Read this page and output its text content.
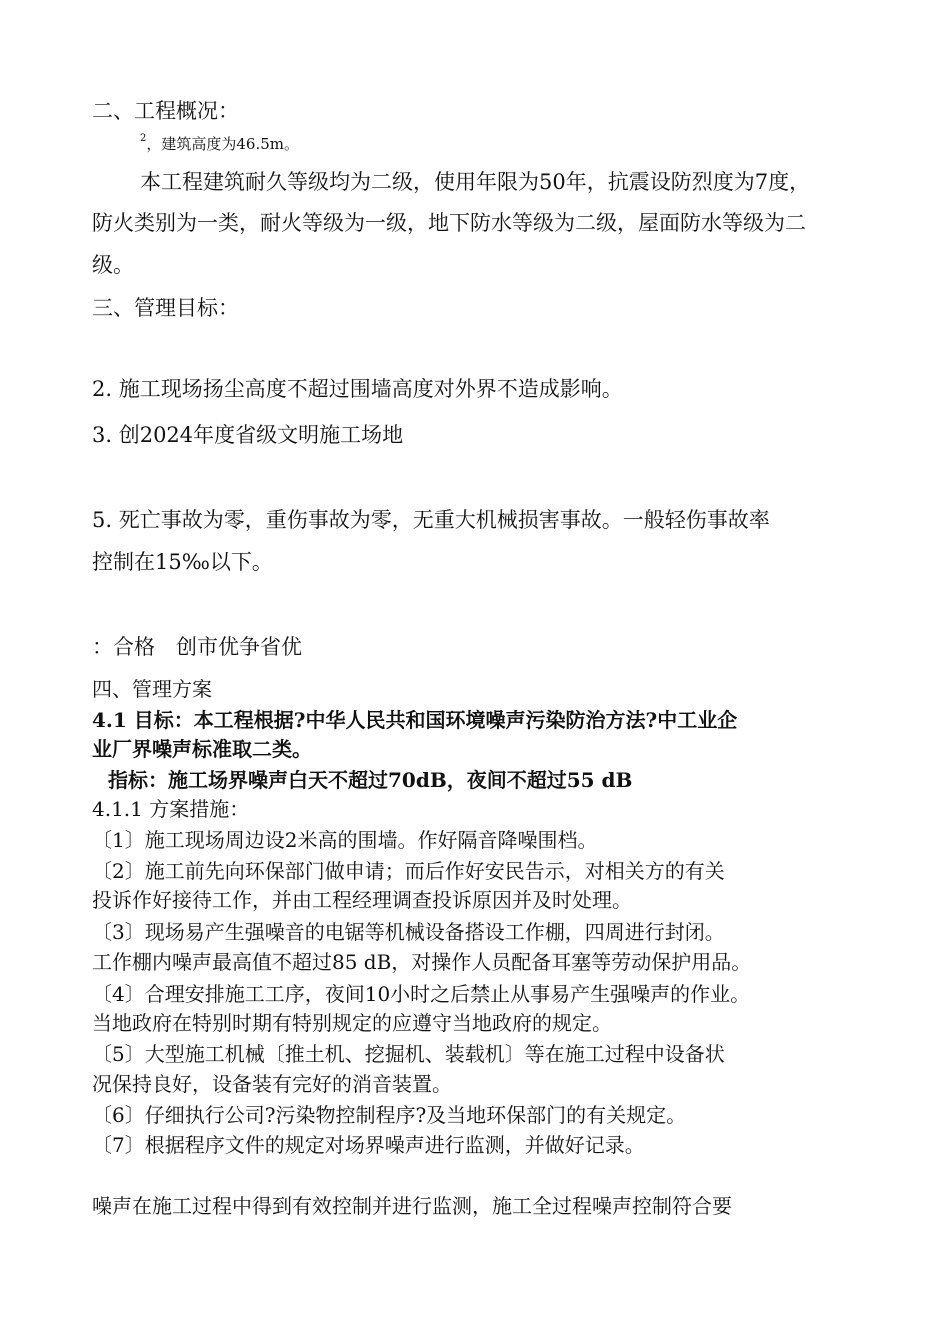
二、工程概况：
$^2$，建筑高度为46.5m。
本工程建筑耐久等级均为二级，使用年限为50年，抗震设防烈度为7度，
防火类别为一类，耐火等级为一级，地下防水等级为二级，屋面防水等级为二
级。
三、管理目标：
2. 施工现场扬尘高度不超过围墙高度对外界不造成影响。
3. 创2024年度省级文明施工场地
5. 死亡事故为零，重伤事故为零，无重大机械损害事故。一般轻伤事故率
控制在15‰以下。
：合格　创市优争省优
四、管理方案
4.1 目标：本工程根据?中华人民共和国环境噪声污染防治方法?中工业企
业厂界噪声标准取二类。
指标：施工场界噪声白天不超过70dB，夜间不超过55 dB
4.1.1 方案措施：
〔1〕施工现场周边设2米高的围墙。作好隔音降噪围档。
〔2〕施工前先向环保部门做申请；而后作好安民告示，对相关方的有关
投诉作好接待工作，并由工程经理调查投诉原因并及时处理。
〔3〕现场易产生强噪音的电锯等机械设备搭设工作棚，四周进行封闭。
工作棚内噪声最高值不超过85 dB，对操作人员配备耳塞等劳动保护用品。
〔4〕合理安排施工工序，夜间10小时之后禁止从事易产生强噪声的作业。
当地政府在特别时期有特别规定的应遵守当地政府的规定。
〔5〕大型施工机械〔推土机、挖掘机、装载机〕等在施工过程中设备状
况保持良好，设备装有完好的消音装置。
〔6〕仔细执行公司?污染物控制程序?及当地环保部门的有关规定。
〔7〕根据程序文件的规定对场界噪声进行监测，并做好记录。
噪声在施工过程中得到有效控制并进行监测，施工全过程噪声控制符合要
